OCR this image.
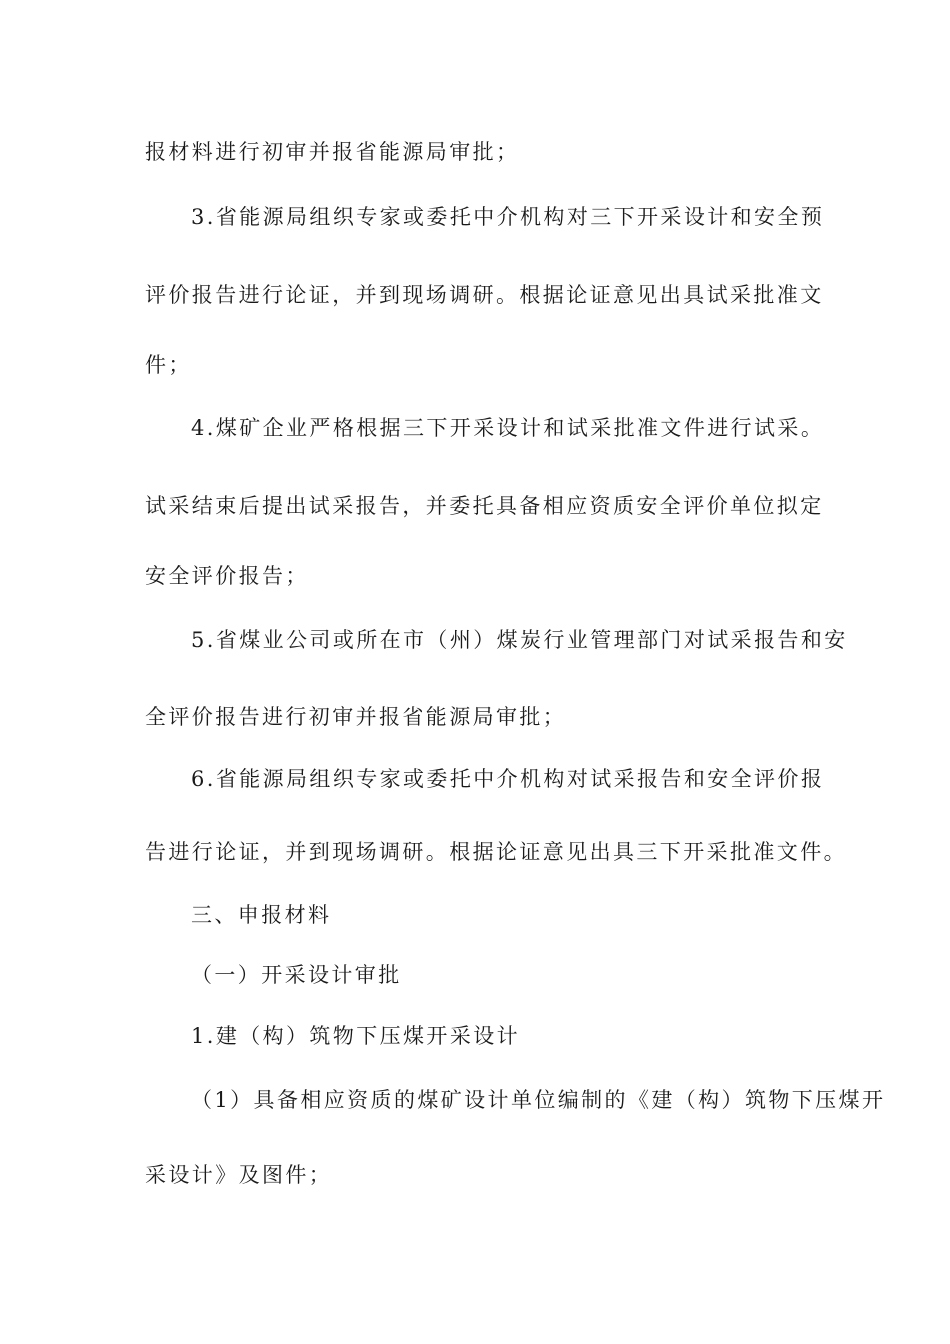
报材料进行初审并报省能源局审批；
3.省能源局组织专家或委托中介机构对三下开采设计和安全预
评价报告进行论证，并到现场调研。根据论证意见出具试采批准文
件；
4.煤矿企业严格根据三下开采设计和试采批准文件进行试采。
试采结束后提出试采报告，并委托具备相应资质安全评价单位拟定
安全评价报告；
5.省煤业公司或所在市（州）煤炭行业管理部门对试采报告和安
全评价报告进行初审并报省能源局审批；
6.省能源局组织专家或委托中介机构对试采报告和安全评价报
告进行论证，并到现场调研。根据论证意见出具三下开采批准文件。
三、申报材料
（一）开采设计审批
1.建（构）筑物下压煤开采设计
（1）具备相应资质的煤矿设计单位编制的《建（构）筑物下压煤开
采设计》及图件；
